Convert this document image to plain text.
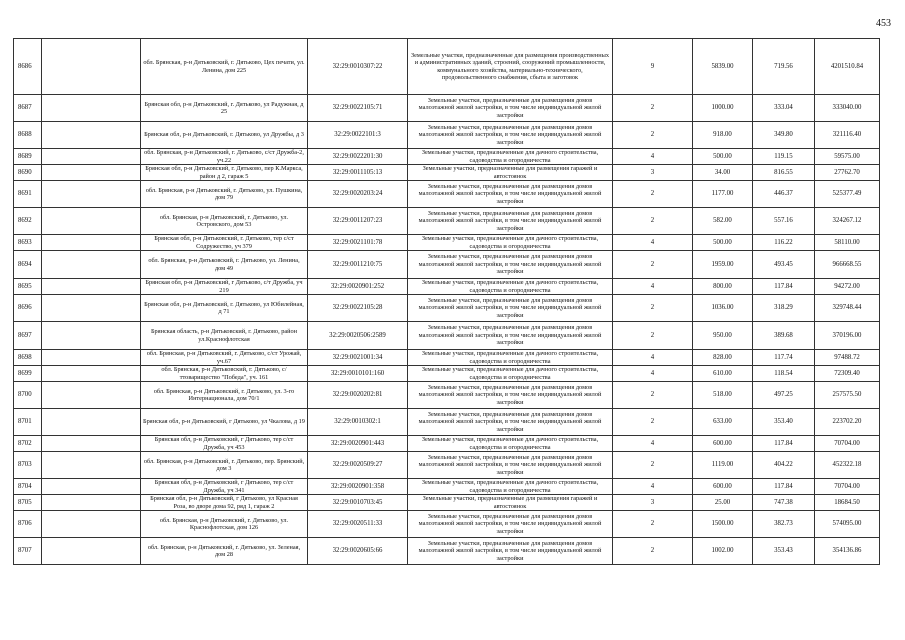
453
8686		обл. Брянская, р-н Дятьковский, г. Дятьково, Цех печати, ул. Ленина, дом 225	32:29:0010307:22	Земельные участки, предназначенные для размещения производственных и административных зданий, строений, сооружений промышленности, коммунального хозяйства, материально-технического, продовольственного снабжения, сбыта и заготовок	9	5839.00	719.56	4201510.84
8687		Брянская обл, р-н Дятьковский, г. Дятьково, ул Радужная, д 25	32:29:0022105:71	Земельные участки, предназначенные для размещения домов малоэтажной жилой застройки, в том числе индивидуальной жилой застройки	2	1000.00	333.04	333040.00
8688		Брянская обл, р-н Дятьковский, г. Дятьково, ул Дружбы, д 3	32:29:0022101:3	Земельные участки, предназначенные для размещения домов малоэтажной жилой застройки, в том числе индивидуальной жилой застройки	2	918.00	349.80	321116.40
8689		обл. Брянская, р-н Дятьковский, г. Дятьково, с/ст Дружба-2, уч.22	32:29:0022201:30	Земельные участки, предназначенные для дачного строительства, садоводства и огородничества	4	500.00	119.15	59575.00
8690		Брянская обл, р-н Дятьковский, г. Дятьково, пер К.Маркса, район д 2, гараж 5	32:29:0011105:13	Земельные участки, предназначенные для размещения гаражей и автостоянок	3	34.00	816.55	27762.70
8691		обл. Брянская, р-н Дятьковский, г. Дятьково, ул. Пушкина, дом 79	32:29:0020203:24	Земельные участки, предназначенные для размещения домов малоэтажной жилой застройки, в том числе индивидуальной жилой застройки	2	1177.00	446.37	525377.49
8692		обл. Брянская, р-н Дятьковский, г. Дятьково, ул. Островского, дом 53	32:29:0011207:23	Земельные участки, предназначенные для размещения домов малоэтажной жилой застройки, в том числе индивидуальной жилой застройки	2	582.00	557.16	324267.12
8693		Брянская обл, р-н Дятьковский, г. Дятьково, тер с/ст Содружество, уч 379	32:29:0021101:78	Земельные участки, предназначенные для дачного строительства, садоводства и огородничества	4	500.00	116.22	58110.00
8694		обл. Брянская, р-н Дятьковский, г. Дятьково, ул. Ленина, дом 49	32:29:0011210:75	Земельные участки, предназначенные для размещения домов малоэтажной жилой застройки, в том числе индивидуальной жилой застройки	2	1959.00	493.45	966668.55
8695		Брянская обл, р-н Дятьковский, г Дятьково, с/т Дружба, уч 219	32:29:0020901:252	Земельные участки, предназначенные для дачного строительства, садоводства и огородничества	4	800.00	117.84	94272.00
8696		Брянская обл, р-н Дятьковский, г. Дятьково, ул Юбилейная, д 71	32:29:0022105:28	Земельные участки, предназначенные для размещения домов малоэтажной жилой застройки, в том числе индивидуальной жилой застройки	2	1036.00	318.29	329748.44
8697		Брянская область, р-н Дятьковский, г. Дятьково, район ул.Краснофлотская	32:29:0020506:2589	Земельные участки, предназначенные для размещения домов малоэтажной жилой застройки, в том числе индивидуальной жилой застройки	2	950.00	389.68	370196.00
8698		обл. Брянская, р-н Дятьковский, г. Дятьково, с/ст Урожай, уч.67	32:29:0021001:34	Земельные участки, предназначенные для дачного строительства, садоводства и огородничества	4	828.00	117.74	97488.72
8699		обл. Брянская, р-н Дятьковский, г. Дятьково, с/ттоварищество "Победа", уч. 161	32:29:0010101:160	Земельные участки, предназначенные для дачного строительства, садоводства и огородничества	4	610.00	118.54	72309.40
8700		обл. Брянская, р-н Дятьковский, г. Дятьково, ул. 3-го Интернационала, дом 70/1	32:29:0020202:81	Земельные участки, предназначенные для размещения домов малоэтажной жилой застройки, в том числе индивидуальной жилой застройки	2	518.00	497.25	257575.50
8701		Брянская обл, р-н Дятьковский, г Дятьково, ул Чкалова, д 19	32:29:0010302:1	Земельные участки, предназначенные для размещения домов малоэтажной жилой застройки, в том числе индивидуальной жилой застройки	2	633.00	353.40	223702.20
8702		Брянская обл, р-н Дятьковский, г Дятьково, тер с/ст Дружба, уч 453	32:29:0020901:443	Земельные участки, предназначенные для дачного строительства, садоводства и огородничества	4	600.00	117.84	70704.00
8703		обл. Брянская, р-н Дятьковский, г. Дятьково, пер. Брянский, дом 3	32:29:0020509:27	Земельные участки, предназначенные для размещения домов малоэтажной жилой застройки, в том числе индивидуальной жилой застройки	2	1119.00	404.22	452322.18
8704		Брянская обл, р-н Дятьковский, г Дятьково, тер с/ст Дружба, уч 341	32:29:0020901:358	Земельные участки, предназначенные для дачного строительства, садоводства и огородничества	4	600.00	117.84	70704.00
8705		Брянская обл, р-н Дятьковский, г Дятьково, ул Красная Роза, во дворе дома 92, ряд 1, гараж 2	32:29:0010703:45	Земельные участки, предназначенные для размещения гаражей и автостоянок	3	25.00	747.38	18684.50
8706		обл. Брянская, р-н Дятьковский, г. Дятьково, ул. Краснофлотская, дом 126	32:29:0020511:33	Земельные участки, предназначенные для размещения домов малоэтажной жилой застройки, в том числе индивидуальной жилой застройки	2	1500.00	382.73	574095.00
8707		обл. Брянская, р-н Дятьковский, г. Дятьково, ул. Зеленая, дом 28	32:29:0020605:66	Земельные участки, предназначенные для размещения домов малоэтажной жилой застройки, в том числе индивидуальной жилой застройки	2	1002.00	353.43	354136.86
